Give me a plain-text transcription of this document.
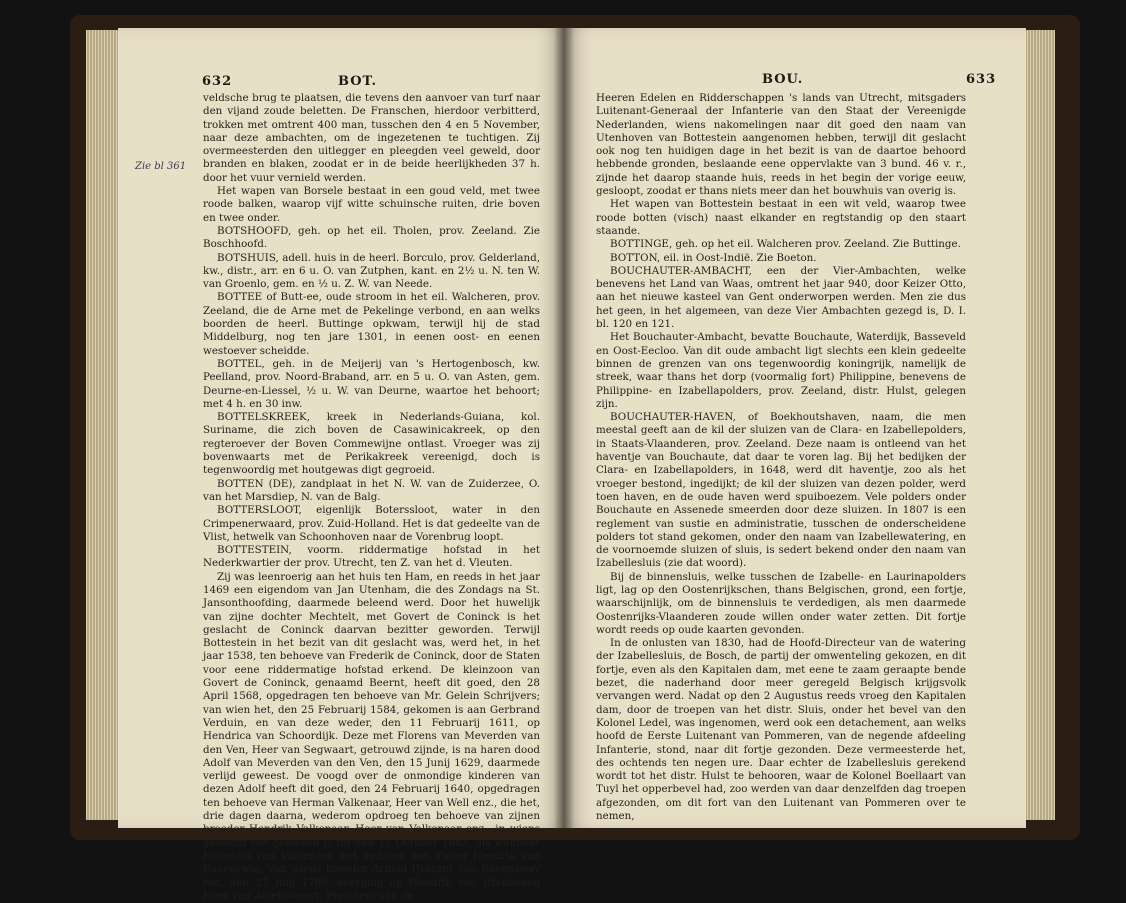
632	BOT.	BOU.	633
Zie bl 361

veldsche brug te plaatsen, die tevens den aanvoer van turf naar den vijand zoude beletten. De Franschen, hierdoor verbitterd, trokken met omtrent 400 man, tusschen den 4 en 5 November, naar deze ambachten, om de ingezetenen te tuchtigen. Zij overmeesterden den uitlegger en pleegden veel geweld, door branden en blaken, zoodat er in de beide heerlijkheden 37 h. door het vuur vernield werden.

Het wapen van Borsele bestaat in een goud veld, met twee roode balken, waarop vijf witte schuinsche ruiten, drie boven en twee onder.

BOTSHOOFD, geh. op het eil. Tholen, prov. Zeeland. Zie Boschhoofd.

BOTSHUIS, adell. huis in de heerl. Borculo, prov. Gelderland, kw., distr., arr. en 6 u. O. van Zutphen, kant. en 2½ u. N. ten W. van Groenlo, gem. en ½ u. Z. W. van Neede.

BOTTEE of Butt-ee, oude stroom in het eil. Walcheren, prov. Zeeland, die de Arne met de Pekelinge verbond, en aan welks boorden de heerl. Buttinge opkwam, terwijl hij de stad Middelburg, nog ten jare 1301, in eenen oost- en eenen westoever scheidde.

BOTTEL, geh. in de Meijerij van 's Hertogenbosch, kw. Peelland, prov. Noord-Braband, arr. en 5 u. O. van Asten, gem. Deurne-en-Liessel, ½ u. W. van Deurne, waartoe het behoort; met 4 h. en 30 inw.

BOTTELSKREEK, kreek in Nederlands-Guiana, kol. Suriname, die zich boven de Casawinicakreek, op den regteroever der Boven Commewijne ontlast. Vroeger was zij bovenwaarts met de Perikakreek vereenigd, doch is tegenwoordig met houtgewas digt gegroeid.

BOTTEN (DE), zandplaat in het N. W. van de Zuiderzee, O. van het Marsdiep, N. van de Balg.

BOTTERSLOOT, eigenlijk Boterssloot, water in den Crimpenerwaard, prov. Zuid-Holland. Het is dat gedeelte van de Vlist, hetwelk van Schoonhoven naar de Vorenbrug loopt.

BOTTESTEIN, voorm. riddermatige hofstad in het Nederkwartier der prov. Utrecht, ten Z. van het d. Vleuten.

Zij was leenroerig aan het huis ten Ham, en reeds in het jaar 1469 een eigendom van Jan Utenham, die des Zondags na St. Jansonthoofding, daarmede beleend werd. Door het huwelijk van zijne dochter Mechtelt, met Govert de Coninck is het geslacht de Coninck daarvan bezitter geworden. Terwijl Bottestein in het bezit van dit geslacht was, werd het, in het jaar 1538, ten behoeve van Frederik de Coninck, door de Staten voor eene riddermatige hofstad erkend. De kleinzoon van Govert de Coninck, genaamd Beernt, heeft dit goed, den 28 April 1568, opgedragen ten behoeve van Mr. Gelein Schrijvers; van wien het, den 25 Februarij 1584, gekomen is aan Gerbrand Verduin, en van deze weder, den 11 Februarij 1611, op Hendrica van Schoordijk. Deze met Florens van Meverden van den Ven, Heer van Segwaart, getrouwd zijnde, is na haren dood Adolf van Meverden van den Ven, den 15 Junij 1629, daarmede verlijd geweest. De voogd over de onmondige kinderen van dezen Adolf heeft dit goed, den 24 Februarij 1640, opgedragen ten behoeve van Herman Valkenaar, Heer van Well enz., die het, drie dagen daarna, wederom opdroeg ten behoeve van zijnen broeder Hendrik Valkenaar, Heer van Valkenaar enz., in wiens geslacht het gebleven is tot den 17 October 1683, als wanneer Florentia van Valkenaar, het opdroeg aan Pieter Hendrik van Ravensway, van wiens broeder Arnold IJsbrant van Ravensway het, den 27 Julij 1709, overging op Hendrik van Utenhoven Heer van Amelisweert, President van de

Heeren Edelen en Ridderschappen 's lands van Utrecht, mitsgaders Luitenant-Generaal der Infanterie van den Staat der Vereenigde Nederlanden, wiens nakomelingen naar dit goed den naam van Utenhoven van Bottestein aangenomen hebben, terwijl dit geslacht ook nog ten huidigen dage in het bezit is van de daartoe behoord hebbende gronden, beslaande eene oppervlakte van 3 bund. 46 v. r., zijnde het daarop staande huis, reeds in het begin der vorige eeuw, gesloopt, zoodat er thans niets meer dan het bouwhuis van overig is.

Het wapen van Bottestein bestaat in een wit veld, waarop twee roode botten (visch) naast elkander en regtstandig op den staart staande.

BOTTINGE, geh. op het eil. Walcheren prov. Zeeland. Zie Buttinge.

BOTTON, eil. in Oost-Indië. Zie Boeton.

BOUCHAUTER-AMBACHT, een der Vier-Ambachten, welke benevens het Land van Waas, omtrent het jaar 940, door Keizer Otto, aan het nieuwe kasteel van Gent onderworpen werden. Men zie dus het geen, in het algemeen, van deze Vier Ambachten gezegd is, D. I. bl. 120 en 121.

Het Bouchauter-Ambacht, bevatte Bouchaute, Waterdijk, Basseveld en Oost-Eecloo. Van dit oude ambacht ligt slechts een klein gedeelte binnen de grenzen van ons tegenwoordig koningrijk, namelijk de streek, waar thans het dorp (voormalig fort) Philippine, benevens de Philippine- en Izabellapolders, prov. Zeeland, distr. Hulst, gelegen zijn.

BOUCHAUTER-HAVEN, of Boekhoutshaven, naam, die men meestal geeft aan de kil der sluizen van de Clara- en Izabellepolders, in Staats-Vlaanderen, prov. Zeeland. Deze naam is ontleend van het haventje van Bouchaute, dat daar te voren lag. Bij het bedijken der Clara- en Izabellapolders, in 1648, werd dit haventje, zoo als het vroeger bestond, ingedijkt; de kil der sluizen van dezen polder, werd toen haven, en de oude haven werd spuiboezem. Vele polders onder Bouchaute en Assenede smeerden door deze sluizen. In 1807 is een reglement van sustie en administratie, tusschen de onderscheidene polders tot stand gekomen, onder den naam van Izabellewatering, en de voornoemde sluizen of sluis, is sedert bekend onder den naam van Izabellesluis (zie dat woord).

Bij de binnensluis, welke tusschen de Izabelle- en Laurinapolders ligt, lag op den Oostenrijkschen, thans Belgischen, grond, een fortje, waarschijnlijk, om de binnensluis te verdedigen, als men daarmede Oostenrijks-Vlaanderen zoude willen onder water zetten. Dit fortje wordt reeds op oude kaarten gevonden.

In de onlusten van 1830, had de Hoofd-Directeur van de watering der Izabellesluis, de Bosch, de partij der omwenteling gekozen, en dit fortje, even als den Kapitalen dam, met eene te zaam geraapte bende bezet, die naderhand door meer geregeld Belgisch krijgsvolk vervangen werd. Nadat op den 2 Augustus reeds vroeg den Kapitalen dam, door de troepen van het distr. Sluis, onder het bevel van den Kolonel Ledel, was ingenomen, werd ook een detachement, aan welks hoofd de Eerste Luitenant van Pommeren, van de negende afdeeling Infanterie, stond, naar dit fortje gezonden. Deze vermeesterde het, des ochtends ten negen ure. Daar echter de Izabellesluis gerekend wordt tot het distr. Hulst te behooren, waar de Kolonel Boellaart van Tuyl het opperbevel had, zoo werden van daar denzelfden dag troepen afgezonden, om dit fort van den Luitenant van Pommeren over te nemen,
